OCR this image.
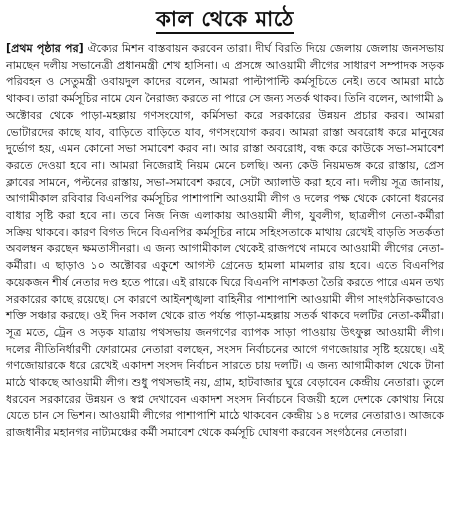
কাল থেকে মাঠে
[প্রথম পৃষ্ঠার পর] ঐক্যের মিশন বাস্তবায়ন করবেন তারা। দীর্ঘ বিরতি দিয়ে জেলায় জেলায় জনসভায় নামছেন দলীয় সভানেত্রী প্রধানমন্ত্রী শেখ হাসিনা। এ প্রসঙ্গে আওয়ামী লীগের সাধারণ সম্পাদক সড়ক পরিবহন ও সেতুমন্ত্রী ওবায়দুল কাদের বলেন, আমরা পাল্টাপাল্টি কর্মসূচিতে নেই। তবে আমরা মাঠে থাকব। তারা কর্মসূচির নামে যেন নৈরাজ্য করতে না পারে সে জন্য সতর্ক থাকব। তিনি বলেন, আগামী ৯ অক্টোবর থেকে পাড়া-মহল্লায় গণসংযোগ, কর্মিসভা করে সরকারের উন্নয়ন প্রচার করব। আমরা ভোটারদের কাছে যাব, বাড়িতে বাড়িতে যাব, গণসংযোগ করব। আমরা রাস্তা অবরোধ করে মানুষের দুর্ভোগ হয়, এমন কোনো সভা সমাবেশ করব না। আর রাস্তা অবরোধ, বন্ধ করে কাউকে সভা-সমাবেশ করতে দেওয়া হবে না। আমরা নিজেরাই নিয়ম মেনে চলছি। অন্য কেউ নিয়মভঙ্গ করে রাস্তায়, প্রেস ক্লাবের সামনে, পল্টনের রাস্তায়, সভা-সমাবেশ করবে, সেটা অ্যালাউ করা হবে না। দলীয় সূত্র জানায়, আগামীকাল রবিবার বিএনপির কর্মসূচির পাশাপাশি আওয়ামী লীগ ও দলের পক্ষ থেকে কোনো ধরনের বাধার সৃষ্টি করা হবে না। তবে নিজ নিজ এলাকায় আওয়ামী লীগ, যুবলীগ, ছাত্রলীগ নেতা-কর্মীরা সক্রিয় থাকবে। কারণ বিগত দিনে বিএনপির কর্মসূচির নামে সহিংসতাকে মাথায় রেখেই বাড়তি সতর্কতা অবলম্বন করছেন ক্ষমতাসীনরা। এ জন্য আগামীকাল থেকেই রাজপথে নামবে আওয়ামী লীগের নেতা-কর্মীরা। এ ছাড়াও ১০ অক্টোবর একুশে আগস্ট গ্রেনেড হামলা মামলার রায় হবে। এতে বিএনপির কয়েকজন শীর্ষ নেতার দণ্ড হতে পারে। এই রায়কে ঘিরে বিএনপি নাশকতা তৈরি করতে পারে এমন তথ্য সরকারের কাছে রয়েছে। সে কারণে আইনশৃঙ্খলা বাহিনীর পাশাপাশি আওয়ামী লীগ সাংগঠনিকভাবেও শক্তি সঞ্চার করছে। ওই দিন সকাল থেকে রাত পর্যন্ত পাড়া-মহল্লায় সতর্ক থাকবে দলটির নেতা-কর্মীরা। সূত্র মতে, ট্রেন ও সড়ক যাত্রায় পথসভায় জনগণের ব্যাপক সাড়া পাওয়ায় উৎফুল্ল আওয়ামী লীগ। দলের নীতিনির্ধারণী ফোরামের নেতারা বলছেন, সংসদ নির্বাচনের আগে গণজোয়ার সৃষ্টি হয়েছে। এই গণজোয়ারকে ধরে রেখেই একাদশ সংসদ নির্বাচন সারতে চায় দলটি। এ জন্য আগামীকাল থেকে টানা মাঠে থাকছে আওয়ামী লীগ। শুধু পথসভাই নয়, গ্রাম, হাটবাজার ঘুরে বেড়াবেন কেন্দ্রীয় নেতারা। তুলে ধরবেন সরকারের উন্নয়ন ও স্বপ্ন দেখাবেন একাদশ সংসদ নির্বাচনে বিজয়ী হলে দেশকে কোথায় নিয়ে যেতে চান সে ভিশন। আওয়ামী লীগের পাশাপাশি মাঠে থাকবেন কেন্দ্রীয় ১৪ দলের নেতারাও। আজকে রাজধানীর মহানগর নাট্যমঞ্চের কর্মী সমাবেশ থেকে কর্মসূচি ঘোষণা করবেন সংগঠনের নেতারা।
